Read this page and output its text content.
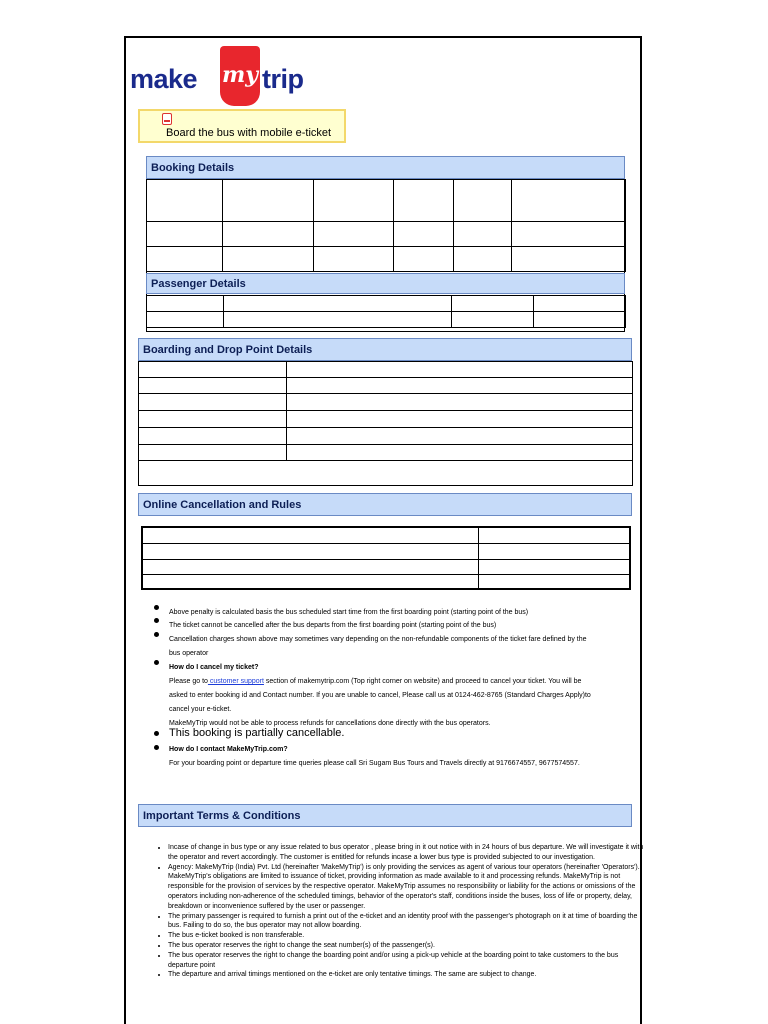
make my trip
Board the bus with mobile e-ticket
Booking Details

Passenger Details

Boarding and Drop Point Details

Online Cancellation and Rules

Above penalty is calculated basis the bus scheduled start time from the first boarding point (starting point of the bus)
The ticket cannot be cancelled after the bus departs from the first boarding point (starting point of the bus)
Cancellation charges shown above may sometimes vary depending on the non-refundable components of the ticket fare defined by the
bus operator
How do I cancel my ticket?
Please go to customer support section of makemytrip.com (Top right corner on website) and proceed to cancel your ticket. You will be
asked to enter booking id and Contact number. If you are unable to cancel, Please call us at 0124-462-8765 (Standard Charges Apply)to
cancel your e-ticket.
MakeMyTrip would not be able to process refunds for cancellations done directly with the bus operators.
This booking is partially cancellable.
How do I contact MakeMyTrip.com?
For your boarding point or departure time queries please call Sri Sugam Bus Tours and Travels directly at 9176674557, 9677574557.
Important Terms & Conditions
• Incase of change in bus type or any issue related to bus operator , please bring in it out notice with in 24 hours of bus departure. We will investigate it with the operator and revert accordingly. The customer is entitled for refunds incase a lower bus type is provided subjected to our investigation.
• Agency: MakeMyTrip (India) Pvt. Ltd (hereinafter 'MakeMyTrip') is only providing the services as agent of various tour operators (hereinafter 'Operators'). MakeMyTrip's obligations are limited to issuance of ticket, providing information as made available to it and processing refunds. MakeMyTrip is not responsible for the provision of services by the respective operator. MakeMyTrip assumes no responsibility or liability for the actions or omissions of the operators including non-adherence of the scheduled timings, behavior of the operator's staff, conditions inside the buses, loss of life or property, delay, breakdown or inconvenience suffered by the user or passenger.
• The primary passenger is required to furnish a print out of the e-ticket and an identity proof with the passenger's photograph on it at time of boarding the bus. Failing to do so, the bus operator may not allow boarding.
• The bus e-ticket booked is non transferable.
• The bus operator reserves the right to change the seat number(s) of the passenger(s).
• The bus operator reserves the right to change the boarding point and/or using a pick-up vehicle at the boarding point to take customers to the bus departure point
• The departure and arrival timings mentioned on the e-ticket are only tentative timings. The same are subject to change.
